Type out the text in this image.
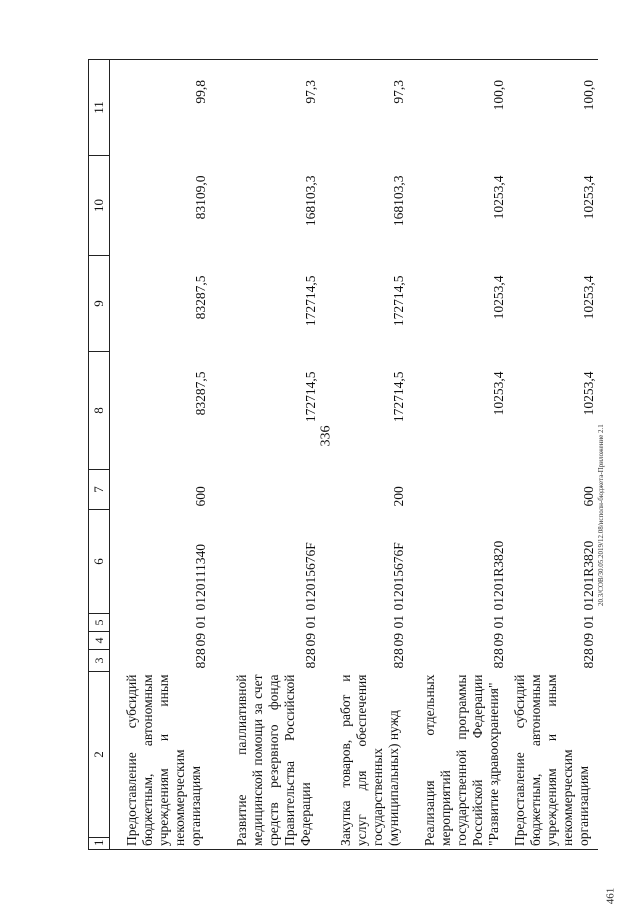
336	20.3/СОВ/30.05.2019/12.08/исполн-бюджета-Приложение 2.1
461
1	2	3	4	5	6	7	8	9	10	11
Предоставление субсидий бюджетным, автономным учреждениям и иным некоммерческим организациям		828	09	01	0120111340	600	83287,5	83287,5	83109,0	99,8
Развитие паллиативной медицинской помощи за счет средств резервного фонда Правительства Российской Федерации		828	09	01	012015676F		172714,5	172714,5	168103,3	97,3
Закупка товаров, работ и услуг для обеспечения государственных (муниципальных) нужд		828	09	01	012015676F	200	172714,5	172714,5	168103,3	97,3
Реализация отдельных мероприятий государственной программы Российской Федерации "Развитие здравоохранения"		828	09	01	01201R3820		10253,4	10253,4	10253,4	100,0
Предоставление субсидий бюджетным, автономным учреждениям и иным некоммерческим организациям		828	09	01	01201R3820	600	10253,4	10253,4	10253,4	100,0
